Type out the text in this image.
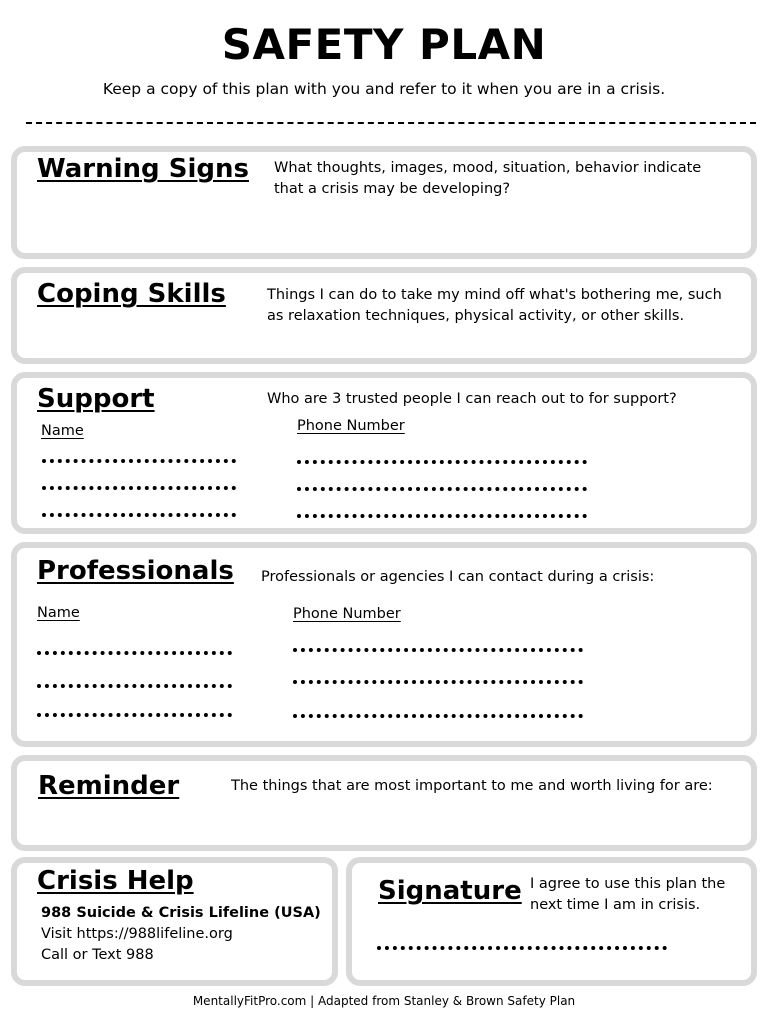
SAFETY PLAN
Keep a copy of this plan with you and refer to it when you are in a crisis.
Warning Signs What thoughts, images, mood, situation, behavior indicate that a crisis may be developing?
Coping Skills	Things I can do to take my mind off what's bothering me, such as relaxation techniques, physical activity, or other skills.
Support	Who are 3 trusted people I can reach out to for support?
Name	Phone Number
Professionals Professionals or agencies I can contact during a crisis:
Name	Phone Number
Reminder	The things that are most important to me and worth living for are:
Crisis Help
988 Suicide & Crisis Lifeline (USA)
Visit https://988lifeline.org
Call or Text 988
Signature I agree to use this plan the next time I am in crisis.
MentallyFitPro.com | Adapted from Stanley & Brown Safety Plan
